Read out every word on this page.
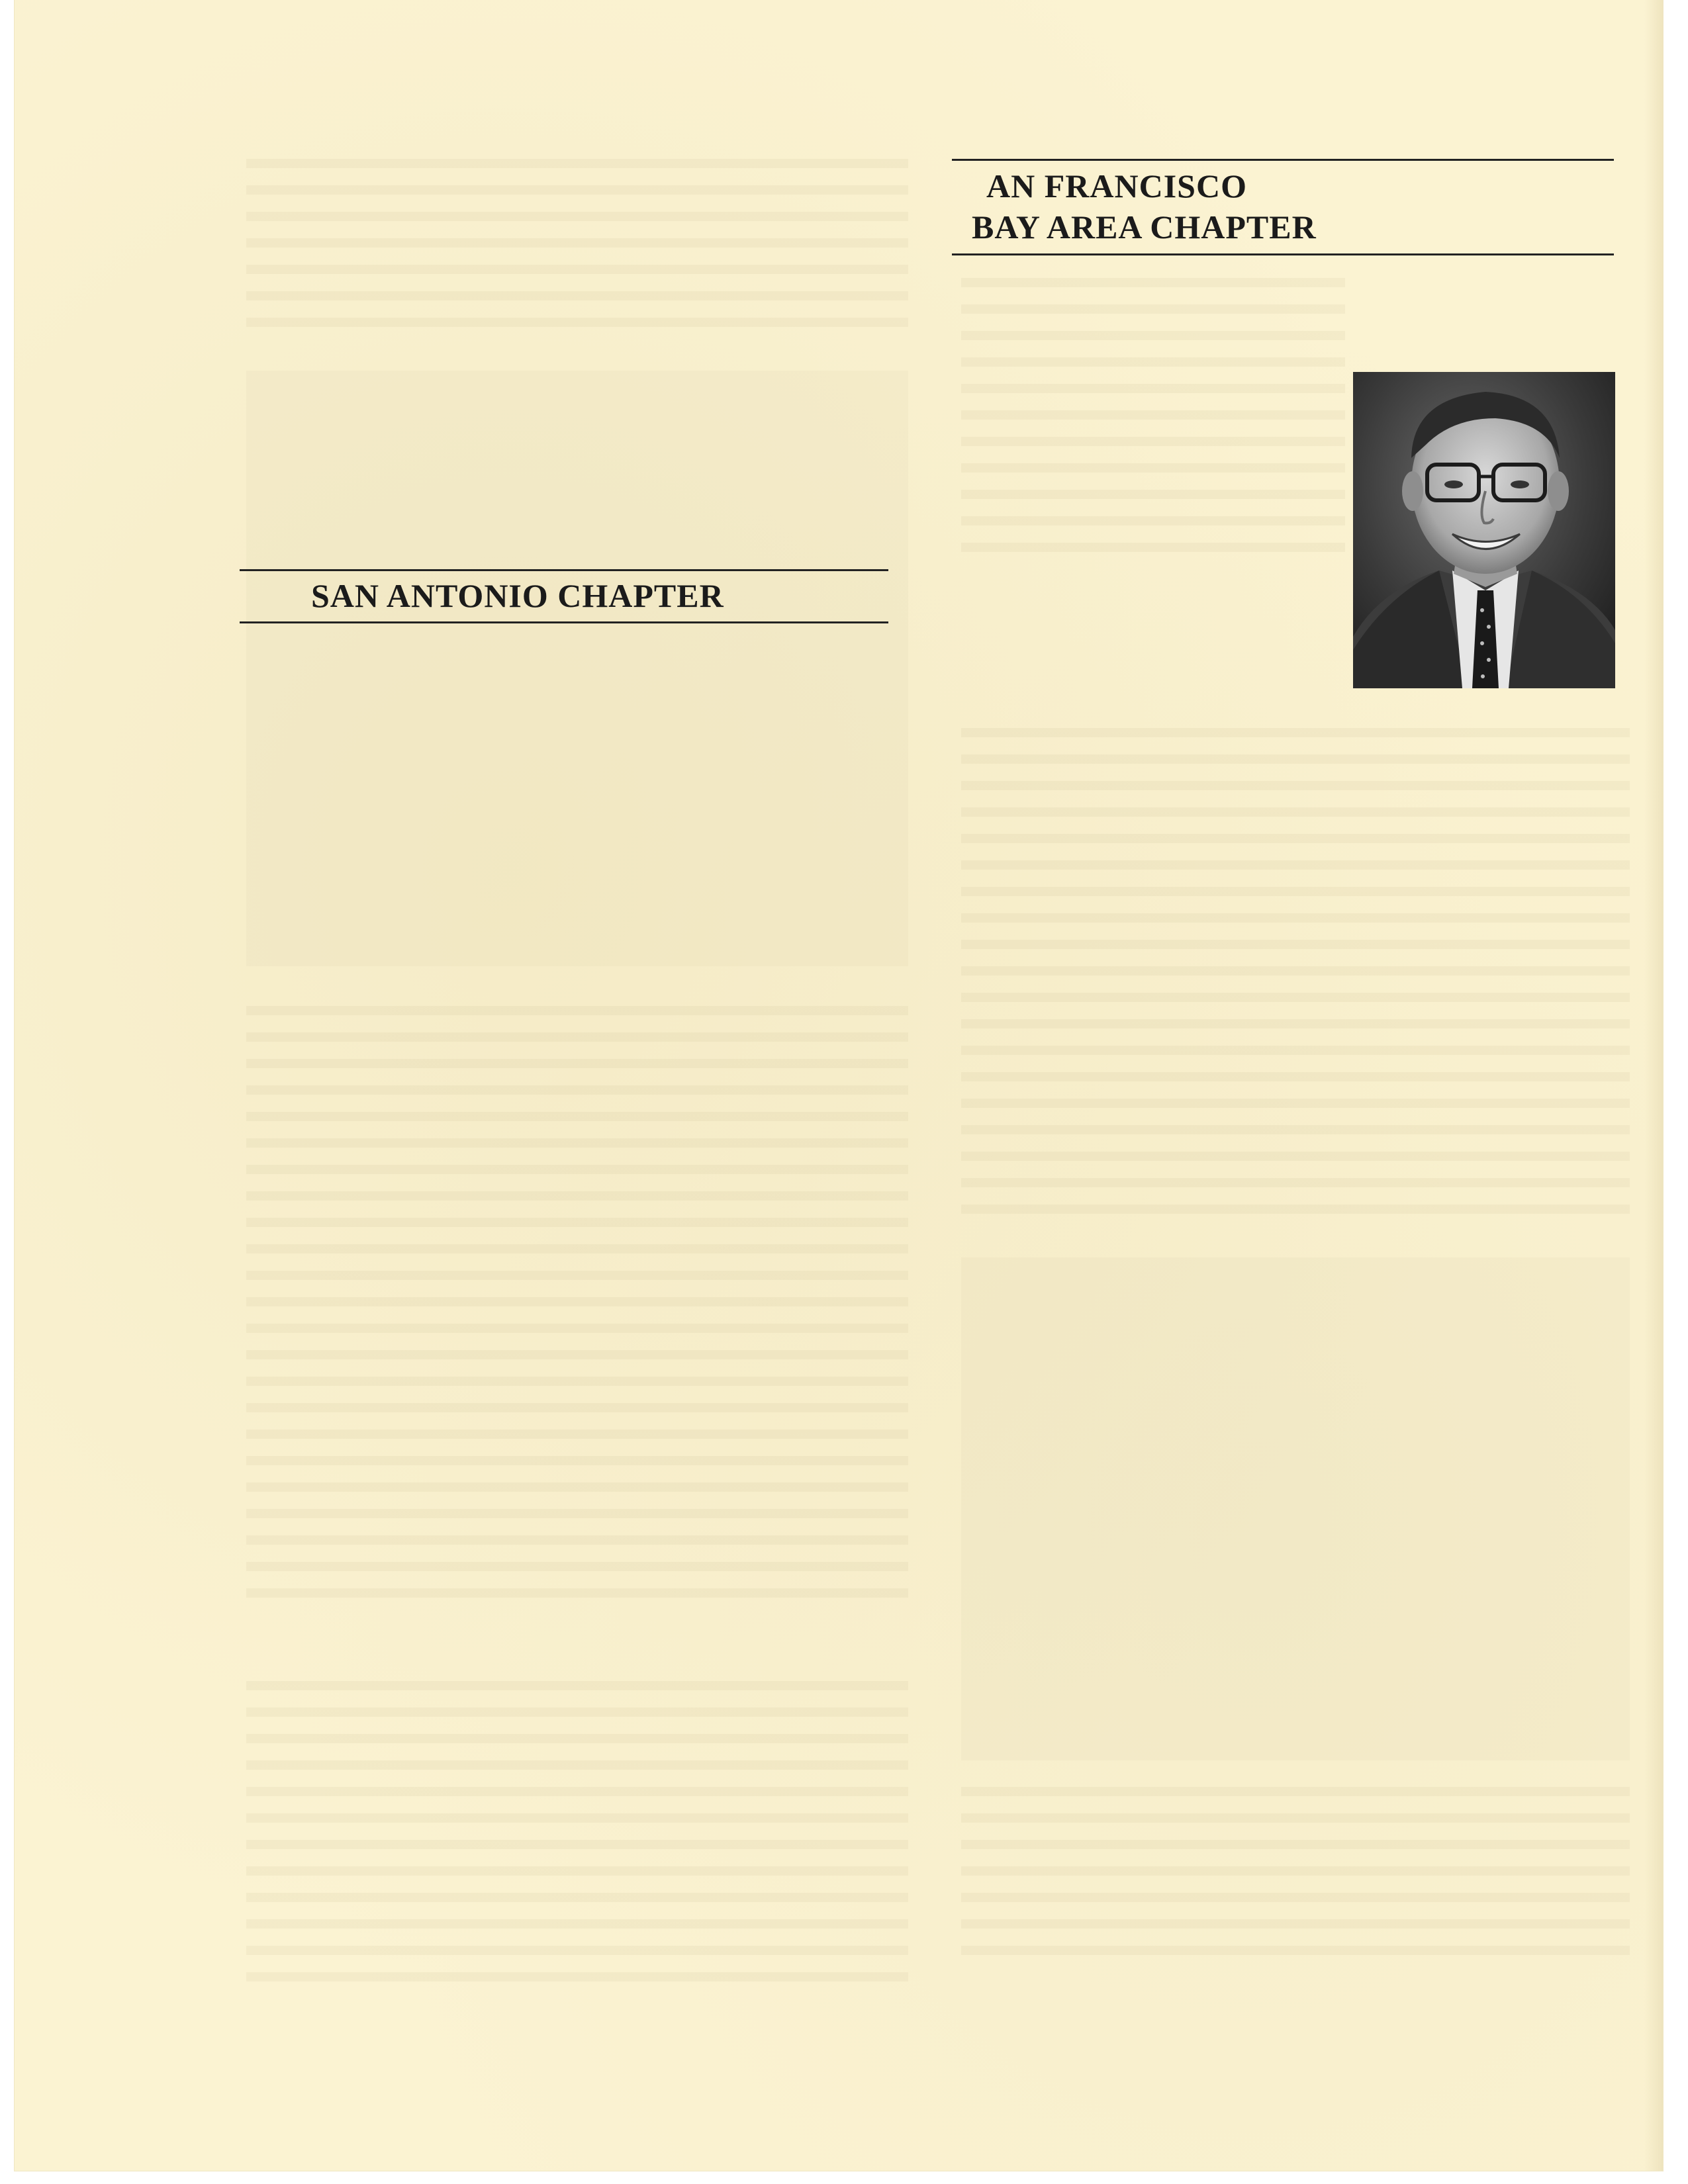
AN FRANCISCO
BAY AREA CHAPTER
SAN ANTONIO CHAPTER
